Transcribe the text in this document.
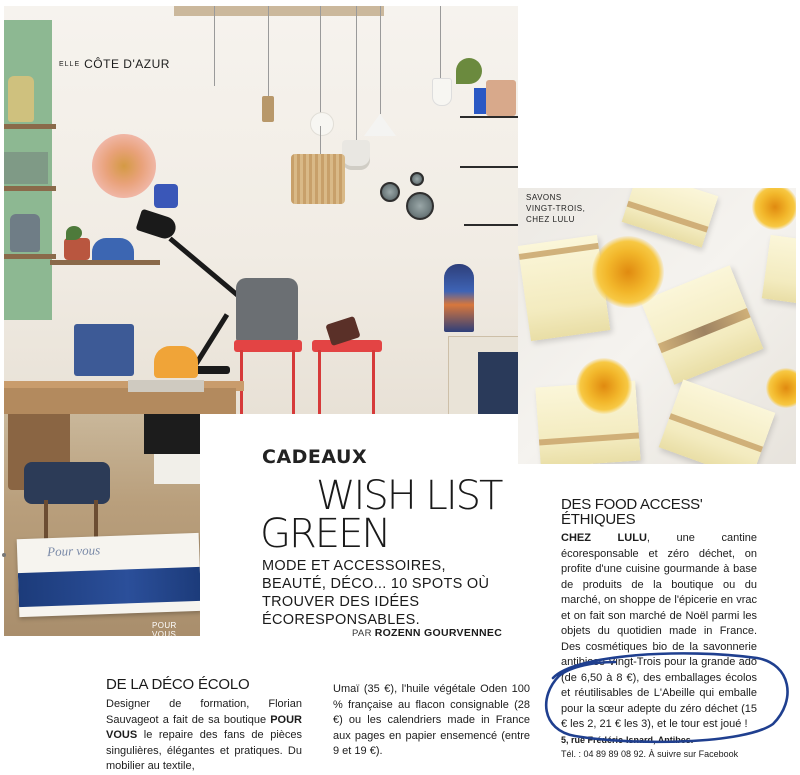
ELLE CÔTE D'AZUR
SAVONS
VINGT-TROIS,
CHEZ LULU
Pour vous
POUR VOUS
CADEAUX
WISH LIST
GREEN
MODE ET ACCESSOIRES, BEAUTÉ, DÉCO... 10 SPOTS OÙ TROUVER DES IDÉES ÉCORESPONSABLES.
PAR ROZENN GOURVENNEC
DES FOOD ACCESS' ÉTHIQUES
CHEZ LULU, une cantine écoresponsable et zéro déchet, on profite d'une cuisine gourmande à base de produits de la boutique ou du marché, on shoppe de l'épicerie en vrac et on fait son marché de Noël parmi les objets du quotidien made in France. Des cosmétiques bio de la savonnerie antibiose Vingt-Trois pour la grande ado (de 6,50 à 8 €), des emballages écolos et réutilisables de L'Abeille qui emballe pour la sœur adepte du zéro déchet (15 € les 2, 21 € les 3), et le tour est joué !
5, rue Frédéric-Isnard, Antibes.
Tél. : 04 89 89 08 92. À suivre sur Facebook
DE LA DÉCO ÉCOLO
Designer de formation, Florian Sauvageot a fait de sa boutique POUR VOUS le repaire des fans de pièces singulières, élégantes et pratiques. Du mobilier au textile,
Umaï (35 €), l'huile végétale Oden 100 % française au flacon consignable (28 €) ou les calendriers made in France aux pages en papier ensemencé (entre 9 et 19 €).
